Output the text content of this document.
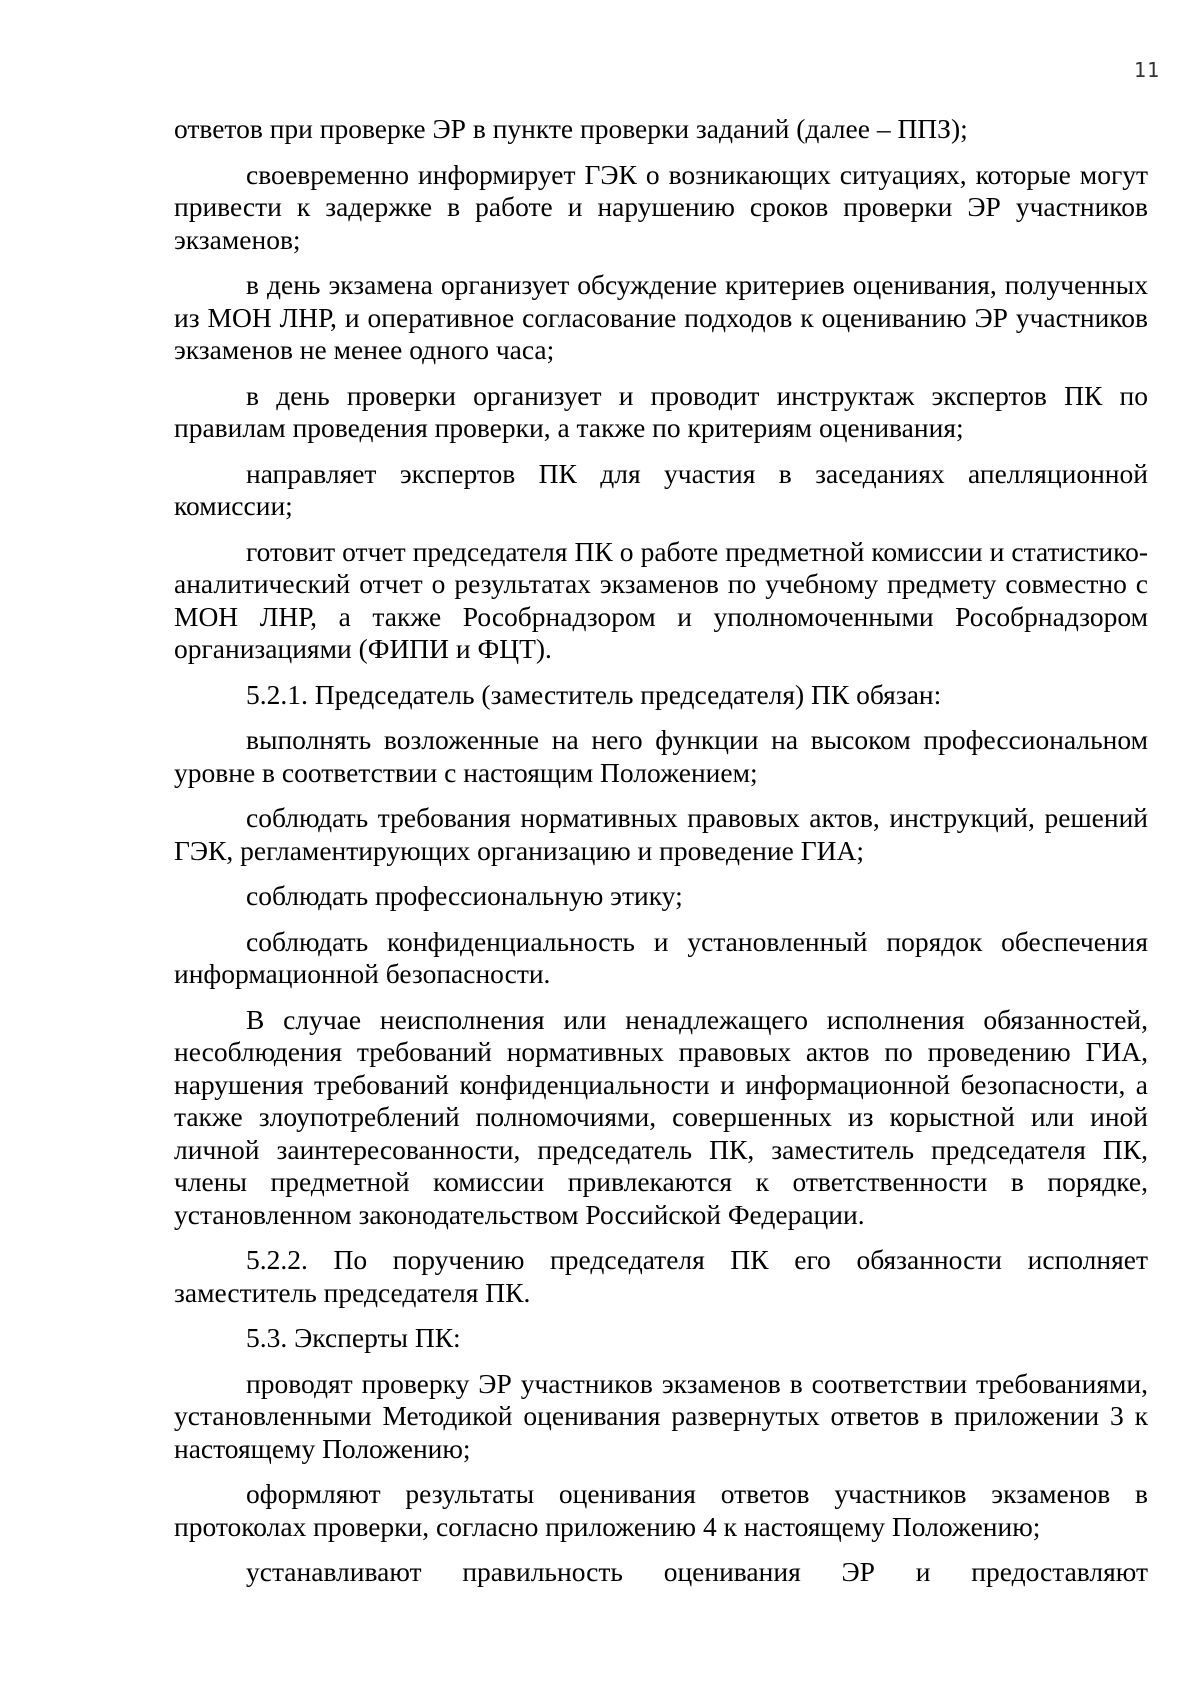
11

ответов при проверке ЭР в пункте проверки заданий (далее – ППЗ);

своевременно информирует ГЭК о возникающих ситуациях, которые могут привести к задержке в работе и нарушению сроков проверки ЭР участников экзаменов;

в день экзамена организует обсуждение критериев оценивания, полученных из МОН ЛНР, и оперативное согласование подходов к оцениванию ЭР участников экзаменов не менее одного часа;

в день проверки организует и проводит инструктаж экспертов ПК по правилам проведения проверки, а также по критериям оценивания;

направляет экспертов ПК для участия в заседаниях апелляционной комиссии;

готовит отчет председателя ПК о работе предметной комиссии и статистико-аналитический отчет о результатах экзаменов по учебному предмету совместно с МОН ЛНР, а также Рособрнадзором и уполномоченными Рособрнадзором организациями (ФИПИ и ФЦТ).

5.2.1. Председатель (заместитель председателя) ПК обязан:

выполнять возложенные на него функции на высоком профессиональном уровне в соответствии с настоящим Положением;

соблюдать требования нормативных правовых актов, инструкций, решений ГЭК, регламентирующих организацию и проведение ГИА;

соблюдать профессиональную этику;

соблюдать конфиденциальность и установленный порядок обеспечения информационной безопасности.

В случае неисполнения или ненадлежащего исполнения обязанностей, несоблюдения требований нормативных правовых актов по проведению ГИА, нарушения требований конфиденциальности и информационной безопасности, а также злоупотреблений полномочиями, совершенных из корыстной или иной личной заинтересованности, председатель ПК, заместитель председателя ПК, члены предметной комиссии привлекаются к ответственности в порядке, установленном законодательством Российской Федерации.

5.2.2. По поручению председателя ПК его обязанности исполняет заместитель председателя ПК.

5.3. Эксперты ПК:

проводят проверку ЭР участников экзаменов в соответствии требованиями, установленными Методикой оценивания развернутых ответов в приложении 3 к настоящему Положению;

оформляют результаты оценивания ответов участников экзаменов в протоколах проверки, согласно приложению 4 к настоящему Положению;

устанавливают правильность оценивания ЭР и предоставляют
